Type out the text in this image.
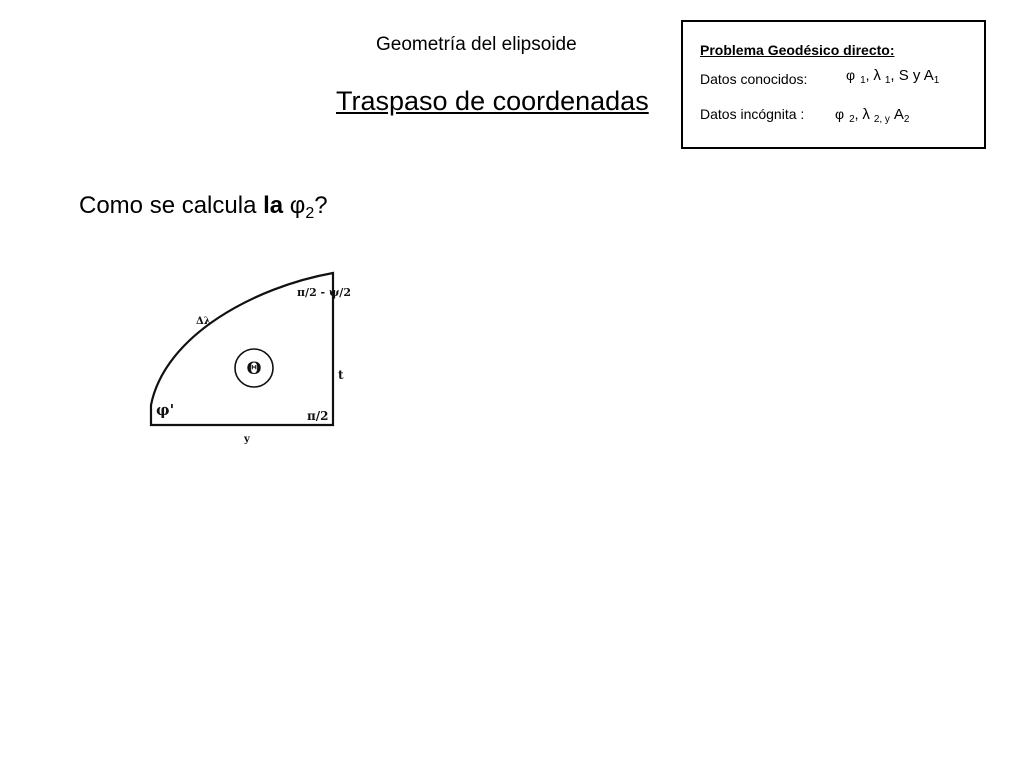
Geometría del elipsoide
Traspaso de coordenadas
Problema Geodésico directo:
Datos conocidos:	φ $_1$, λ $_1$, S y $A_1$
Datos incógnita : φ $_2$, λ $_{2, y}$ $A_2$
Como se calcula la $\varphi_2$?
Θ
Δλ
π/2 - ψ/2
t
φ'	π/2
y
